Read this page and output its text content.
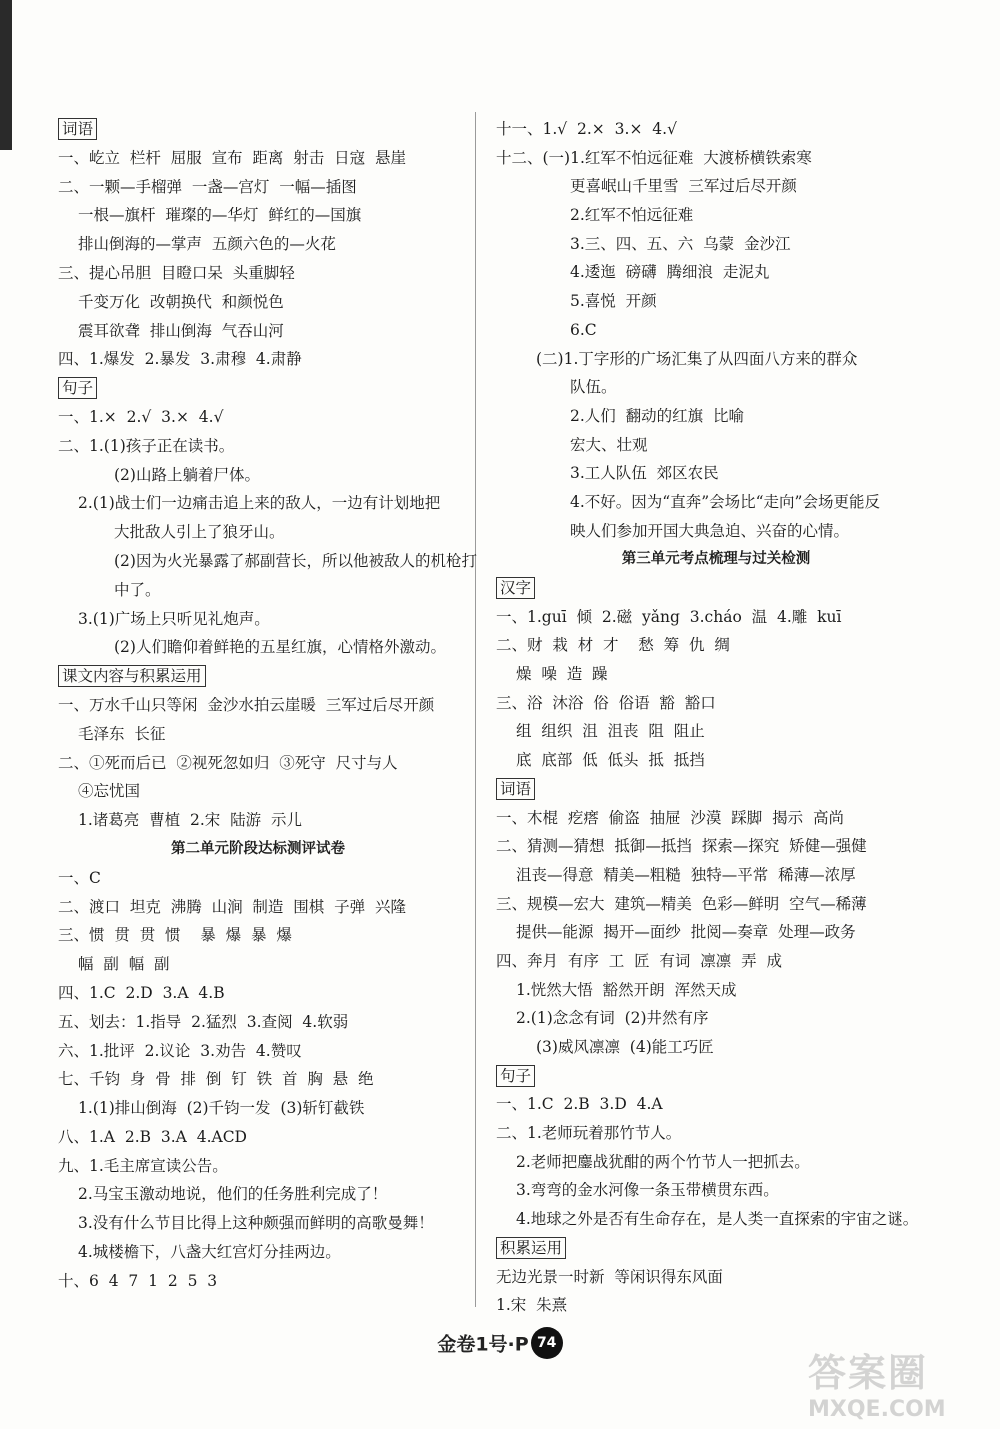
词语
一、屹立  栏杆  屈服  宣布  距离  射击  日寇  悬崖
二、一颗—手榴弹  一盏—宫灯  一幅—插图
一根—旗杆  璀璨的—华灯  鲜红的—国旗
排山倒海的—掌声  五颜六色的—火花
三、提心吊胆  目瞪口呆  头重脚轻
千变万化  改朝换代  和颜悦色
震耳欲聋  排山倒海  气吞山河
四、1.爆发  2.暴发  3.肃穆  4.肃静
句子
一、1.×  2.√  3.×  4.√
二、1.(1)孩子正在读书。
(2)山路上躺着尸体。
2.(1)战士们一边痛击追上来的敌人，一边有计划地把
大批敌人引上了狼牙山。
(2)因为火光暴露了郝副营长，所以他被敌人的机枪打
中了。
3.(1)广场上只听见礼炮声。
(2)人们瞻仰着鲜艳的五星红旗，心情格外激动。
课文内容与积累运用
一、万水千山只等闲  金沙水拍云崖暖  三军过后尽开颜
毛泽东  长征
二、①死而后已  ②视死忽如归  ③死守  尺寸与人
④忘忧国
1.诸葛亮  曹植  2.宋  陆游  示儿
第二单元阶段达标测评试卷
一、C
二、渡口  坦克  沸腾  山涧  制造  围棋  子弹  兴隆
三、惯  贯  贯  惯    暴  爆  暴  爆
幅  副  幅  副
四、1.C  2.D  3.A  4.B
五、划去：1.指导  2.猛烈  3.查阅  4.软弱
六、1.批评  2.议论  3.劝告  4.赞叹
七、千钧  身  骨  排  倒  钉  铁  首  胸  悬  绝
1.(1)排山倒海  (2)千钧一发  (3)斩钉截铁
八、1.A  2.B  3.A  4.ACD
九、1.毛主席宣读公告。
2.马宝玉激动地说，他们的任务胜利完成了！
3.没有什么节目比得上这种颇强而鲜明的高歌曼舞！
4.城楼檐下，八盏大红宫灯分挂两边。
十、6  4  7  1  2  5  3
十一、1.√  2.×  3.×  4.√
十二、(一)1.红军不怕远征难  大渡桥横铁索寒
更喜岷山千里雪  三军过后尽开颜
2.红军不怕远征难
3.三、四、五、六  乌蒙  金沙江
4.逶迤  磅礴  腾细浪  走泥丸
5.喜悦  开颜
6.C
(二)1.丁字形的广场汇集了从四面八方来的群众
队伍。
2.人们  翻动的红旗  比喻
宏大、壮观
3.工人队伍  郊区农民
4.不好。因为“直奔”会场比“走向”会场更能反
映人们参加开国大典急迫、兴奋的心情。
第三单元考点梳理与过关检测
汉字
一、1.guī  倾  2.磁  yǎng  3.cháo  温  4.雕  kuī
二、财  栽  材  才    愁  筹  仇  绸
燥  噪  造  躁
三、浴  沐浴  俗  俗语  豁  豁口
组  组织  沮  沮丧  阻  阻止
底  底部  低  低头  抵  抵挡
词语
一、木棍  疙瘩  偷盗  抽屉  沙漠  踩脚  揭示  高尚
二、猜测—猜想  抵御—抵挡  探索—探究  矫健—强健
沮丧—得意  精美—粗糙  独特—平常  稀薄—浓厚
三、规模—宏大  建筑—精美  色彩—鲜明  空气—稀薄
提供—能源  揭开—面纱  批阅—奏章  处理—政务
四、奔月  有序  工  匠  有词  凛凛  弄  成
1.恍然大悟  豁然开朗  浑然天成
2.(1)念念有词  (2)井然有序
(3)威风凛凛  (4)能工巧匠
句子
一、1.C  2.B  3.D  4.A
二、1.老师玩着那竹节人。
2.老师把鏖战犹酣的两个竹节人一把抓去。
3.弯弯的金水河像一条玉带横贯东西。
4.地球之外是否有生命存在，是人类一直探索的宇宙之谜。
积累运用
无边光景一时新  等闲识得东风面
1.宋  朱熹
金卷1号·P 74
答案圈
MXQE.COM
